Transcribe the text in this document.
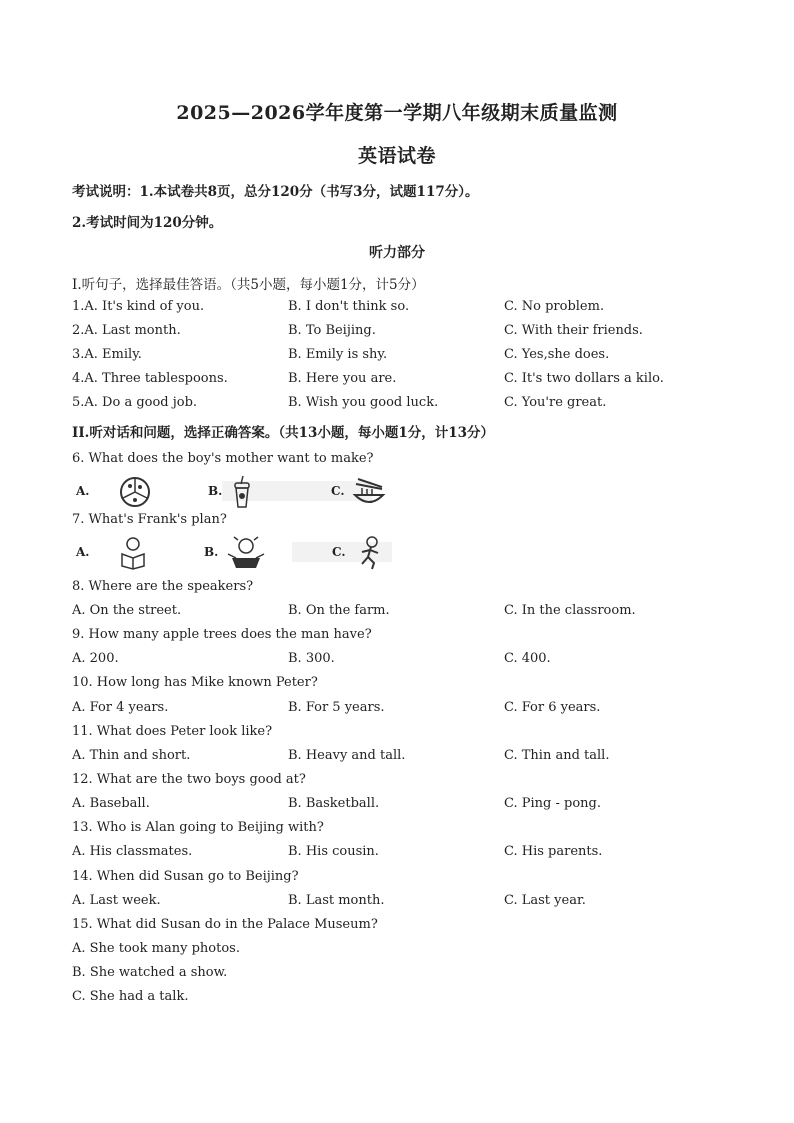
2025—2026学年度第一学期八年级期末质量监测
英语试卷
考试说明：1.本试卷共8页，总分120分（书写3分，试题117分）。
2.考试时间为120分钟。
听力部分
I.听句子，选择最佳答语。（共5小题，每小题1分，计5分）
1.A. It's kind of you.	B. I don't think so.	C. No problem.
2.A. Last month.	B. To Beijing.	C. With their friends.
3.A. Emily.	B. Emily is shy.	C. Yes,she does.
4.A. Three tablespoons.	B. Here you are.	C. It's two dollars a kilo.
5.A. Do a good job.	B. Wish you good luck.	C. You're great.
II.听对话和问题，选择正确答案。（共13小题，每小题1分，计13分）
6. What does the boy's mother want to make?
A.	B.	C.
7. What's Frank's plan?
A.	B.	C.
8. Where are the speakers?
A. On the street.	B. On the farm.	C. In the classroom.
9. How many apple trees does the man have?
A. 200.	B. 300.	C. 400.
10. How long has Mike known Peter?
A. For 4 years.	B. For 5 years.	C. For 6 years.
11. What does Peter look like?
A. Thin and short.	B. Heavy and tall.	C. Thin and tall.
12. What are the two boys good at?
A. Baseball.	B. Basketball.	C. Ping - pong.
13. Who is Alan going to Beijing with?
A. His classmates.	B. His cousin.	C. His parents.
14. When did Susan go to Beijing?
A. Last week.	B. Last month.	C. Last year.
15. What did Susan do in the Palace Museum?
A. She took many photos.
B. She watched a show.
C. She had a talk.
